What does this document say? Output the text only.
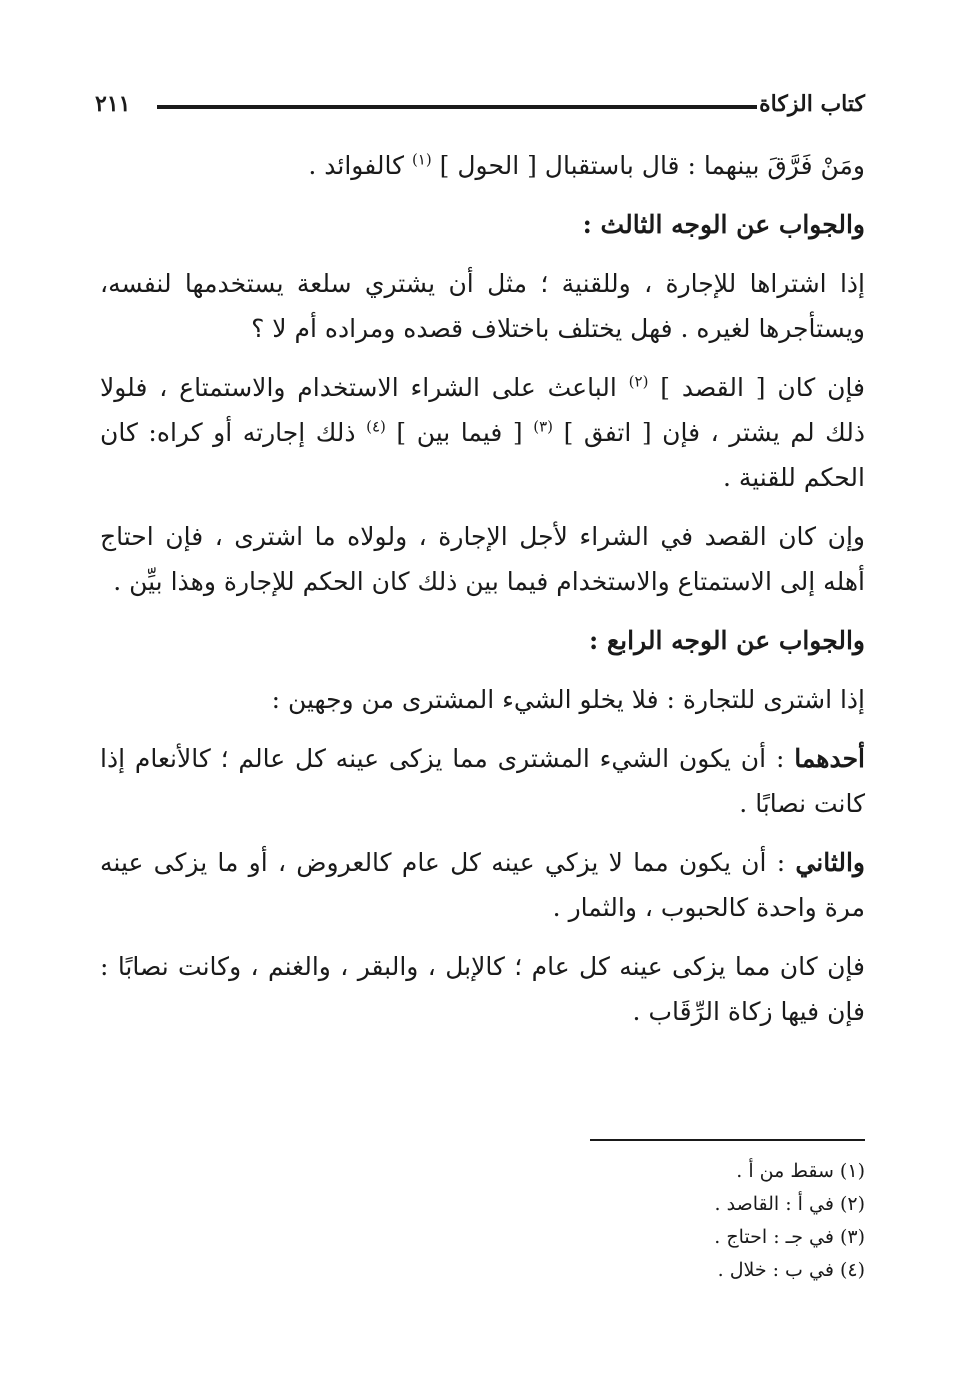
كتاب الزكاة
٢١١

ومَنْ فَرَّقَ بينهما : قال باستقبال [ الحول ] $^{(١)}$ كالفوائد .

والجواب عن الوجه الثالث :

إذا اشتراها للإجارة ، وللقنية ؛ مثل أن يشتري سلعة يستخدمها لنفسه، ويستأجرها لغيره . فهل يختلف باختلاف قصده ومراده أم لا ؟

فإن كان [ القصد ] $^{(٢)}$ الباعث على الشراء الاستخدام والاستمتاع ، فلولا ذلك لم يشتر ، فإن [ اتفق ] $^{(٣)}$ [ فيما بين ] $^{(٤)}$ ذلك إجارته أو كراه: كان الحكم للقنية .

وإن كان القصد في الشراء لأجل الإجارة ، ولولاه ما اشترى ، فإن احتاج أهله إلى الاستمتاع والاستخدام فيما بين ذلك كان الحكم للإجارة وهذا بيِّن .

والجواب عن الوجه الرابع :

إذا اشترى للتجارة : فلا يخلو الشيء المشترى من وجهين :

أحدهما : أن يكون الشيء المشترى مما يزكى عينه كل عالم ؛ كالأنعام إذا كانت نصابًا .

والثاني : أن يكون مما لا يزكي عينه كل عام كالعروض ، أو ما يزكى عينه مرة واحدة كالحبوب ، والثمار .

فإن كان مما يزكى عينه كل عام ؛ كالإبل ، والبقر ، والغنم ، وكانت نصابًا : فإن فيها زكاة الرِّقَاب .

(١) سقط من أ .

(٢) في أ : القاصد .

(٣) في جـ : احتاج .

(٤) في ب : خلال .
